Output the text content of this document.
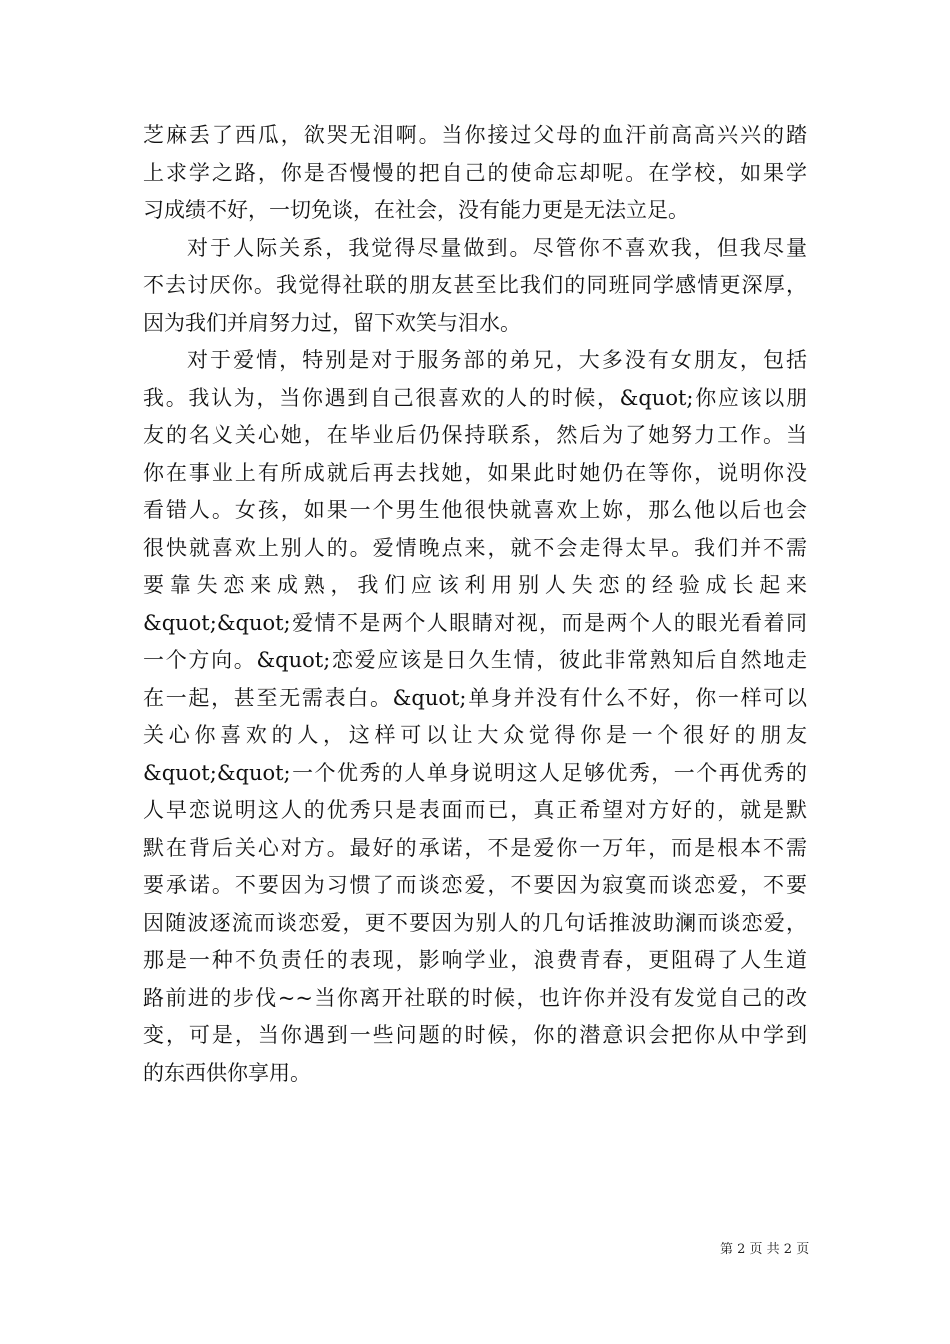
芝麻丢了西瓜，欲哭无泪啊。当你接过父母的血汗前高高兴兴的踏
上求学之路，你是否慢慢的把自己的使命忘却呢。在学校，如果学
习成绩不好，一切免谈，在社会，没有能力更是无法立足。
对于人际关系，我觉得尽量做到。尽管你不喜欢我，但我尽量
不去讨厌你。我觉得社联的朋友甚至比我们的同班同学感情更深厚，
因为我们并肩努力过，留下欢笑与泪水。
对于爱情，特别是对于服务部的弟兄，大多没有女朋友，包括
我。我认为，当你遇到自己很喜欢的人的时候，&quot;你应该以朋
友的名义关心她，在毕业后仍保持联系，然后为了她努力工作。当
你在事业上有所成就后再去找她，如果此时她仍在等你，说明你没
看错人。女孩，如果一个男生他很快就喜欢上妳，那么他以后也会
很快就喜欢上别人的。爱情晚点来，就不会走得太早。我们并不需
要靠失恋来成熟，我们应该利用别人失恋的经验成长起来
&quot;&quot;爱情不是两个人眼睛对视，而是两个人的眼光看着同
一个方向。&quot;恋爱应该是日久生情，彼此非常熟知后自然地走
在一起，甚至无需表白。&quot;单身并没有什么不好，你一样可以
关心你喜欢的人，这样可以让大众觉得你是一个很好的朋友
&quot;&quot;一个优秀的人单身说明这人足够优秀，一个再优秀的
人早恋说明这人的优秀只是表面而已，真正希望对方好的，就是默
默在背后关心对方。最好的承诺，不是爱你一万年，而是根本不需
要承诺。不要因为习惯了而谈恋爱，不要因为寂寞而谈恋爱，不要
因随波逐流而谈恋爱，更不要因为别人的几句话推波助澜而谈恋爱，
那是一种不负责任的表现，影响学业，浪费青春，更阻碍了人生道
路前进的步伐~~当你离开社联的时候，也许你并没有发觉自己的改
变，可是，当你遇到一些问题的时候，你的潜意识会把你从中学到
的东西供你享用。
第 2 页 共 2 页
